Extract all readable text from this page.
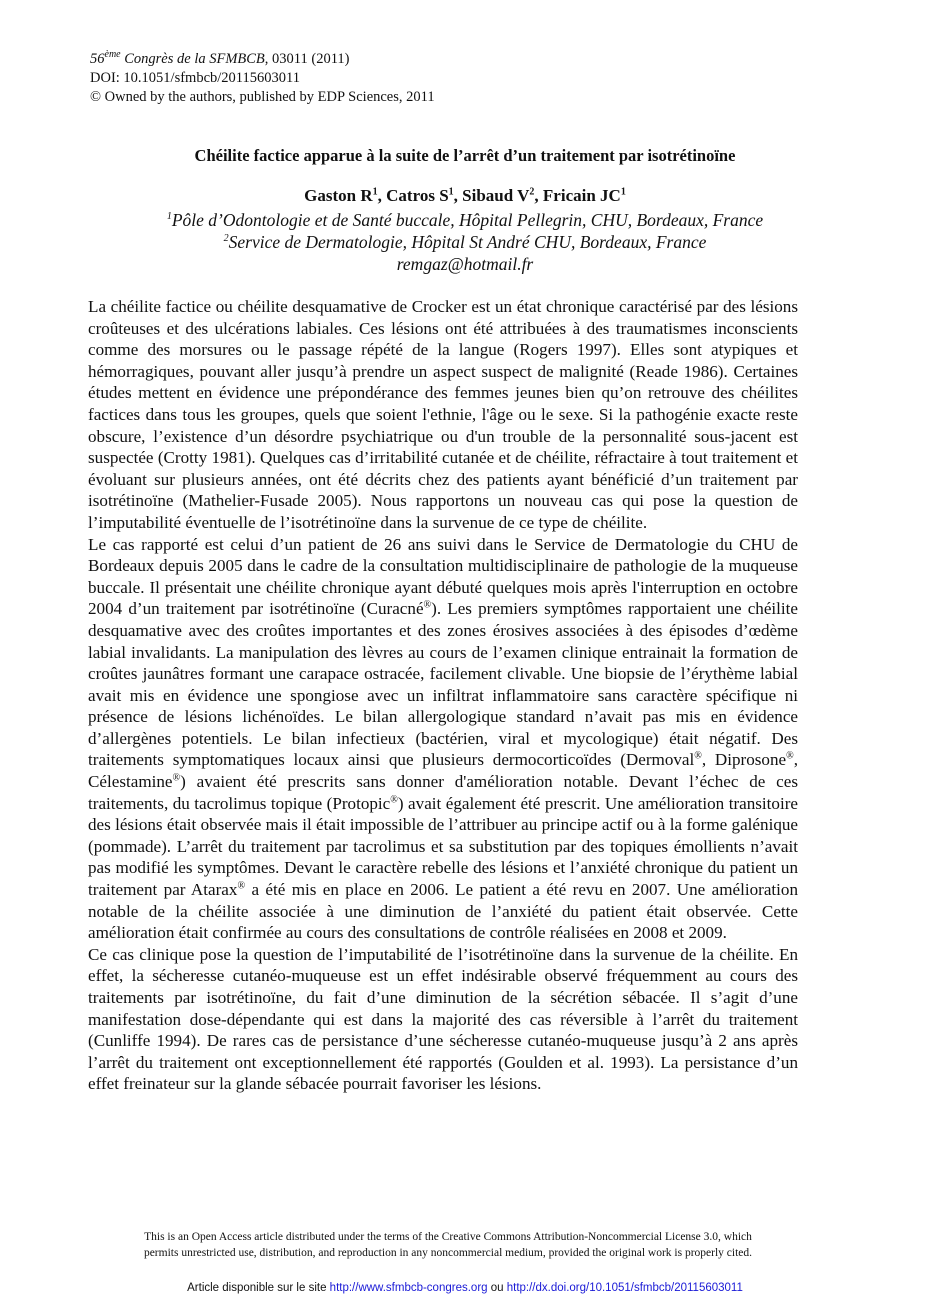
56ème Congrès de la SFMBCB, 03011 (2011)
DOI: 10.1051/sfmbcb/20115603011
© Owned by the authors, published by EDP Sciences, 2011
Chéilite factice apparue à la suite de l’arrêt d’un traitement par isotrétinoïne
Gaston $R^1$, Catros $S^1$, Sibaud $V^2$, Fricain $JC^1$
$^1$Pôle d’Odontologie et de Santé buccale, Hôpital Pellegrin, CHU, Bordeaux, France
$^2$Service de Dermatologie, Hôpital St André CHU, Bordeaux, France
remgaz@hotmail.fr

La chéilite factice ou chéilite desquamative de Crocker est un état chronique caractérisé par des lésions croûteuses et des ulcérations labiales. Ces lésions ont été attribuées à des traumatismes inconscients comme des morsures ou le passage répété de la langue (Rogers 1997). Elles sont atypiques et hémorragiques, pouvant aller jusqu’à prendre un aspect suspect de malignité (Reade 1986). Certaines études mettent en évidence une prépondérance des femmes jeunes bien qu’on retrouve des chéilites factices dans tous les groupes, quels que soient l'ethnie, l'âge ou le sexe. Si la pathogénie exacte reste obscure, l’existence d’un désordre psychiatrique ou d'un trouble de la personnalité sous-jacent est suspectée (Crotty 1981). Quelques cas d’irritabilité cutanée et de chéilite, réfractaire à tout traitement et évoluant sur plusieurs années, ont été décrits chez des patients ayant bénéficié d’un traitement par isotrétinoïne (Mathelier-Fusade 2005). Nous rapportons un nouveau cas qui pose la question de l’imputabilité éventuelle de l’isotrétinoïne dans la survenue de ce type de chéilite.

Le cas rapporté est celui d’un patient de 26 ans suivi dans le Service de Dermatologie du CHU de Bordeaux depuis 2005 dans le cadre de la consultation multidisciplinaire de pathologie de la muqueuse buccale. Il présentait une chéilite chronique ayant débuté quelques mois après l'interruption en octobre 2004 d’un traitement par isotrétinoïne (Curacné®). Les premiers symptômes rapportaient une chéilite desquamative avec des croûtes importantes et des zones érosives associées à des épisodes d’œdème labial invalidants. La manipulation des lèvres au cours de l’examen clinique entrainait la formation de croûtes jaunâtres formant une carapace ostracée, facilement clivable. Une biopsie de l’érythème labial avait mis en évidence une spongiose avec un infiltrat inflammatoire sans caractère spécifique ni présence de lésions lichénoïdes. Le bilan allergologique standard n’avait pas mis en évidence d’allergènes potentiels. Le bilan infectieux (bactérien, viral et mycologique) était négatif. Des traitements symptomatiques locaux ainsi que plusieurs dermocorticoïdes (Dermoval®, Diprosone®, Célestamine®) avaient été prescrits sans donner d'amélioration notable. Devant l’échec de ces traitements, du tacrolimus topique (Protopic®) avait également été prescrit. Une amélioration transitoire des lésions était observée mais il était impossible de l’attribuer au principe actif ou à la forme galénique (pommade). L’arrêt du traitement par tacrolimus et sa substitution par des topiques émollients n’avait pas modifié les symptômes. Devant le caractère rebelle des lésions et l’anxiété chronique du patient un traitement par Atarax® a été mis en place en 2006. Le patient a été revu en 2007. Une amélioration notable de la chéilite associée à une diminution de l’anxiété du patient était observée. Cette amélioration était confirmée au cours des consultations de contrôle réalisées en 2008 et 2009.

Ce cas clinique pose la question de l’imputabilité de l’isotrétinoïne dans la survenue de la chéilite. En effet, la sécheresse cutanéo-muqueuse est un effet indésirable observé fréquemment au cours des traitements par isotrétinoïne, du fait d’une diminution de la sécrétion sébacée. Il s’agit d’une manifestation dose-dépendante qui est dans la majorité des cas réversible à l’arrêt du traitement (Cunliffe 1994). De rares cas de persistance d’une sécheresse cutanéo-muqueuse jusqu’à 2 ans après l’arrêt du traitement ont exceptionnellement été rapportés (Goulden et al. 1993). La persistance d’un effet freinateur sur la glande sébacée pourrait favoriser les lésions.

This is an Open Access article distributed under the terms of the Creative Commons Attribution-Noncommercial License 3.0, which
permits unrestricted use, distribution, and reproduction in any noncommercial medium, provided the original work is properly cited.
Article disponible sur le site http://www.sfmbcb-congres.org ou http://dx.doi.org/10.1051/sfmbcb/20115603011
